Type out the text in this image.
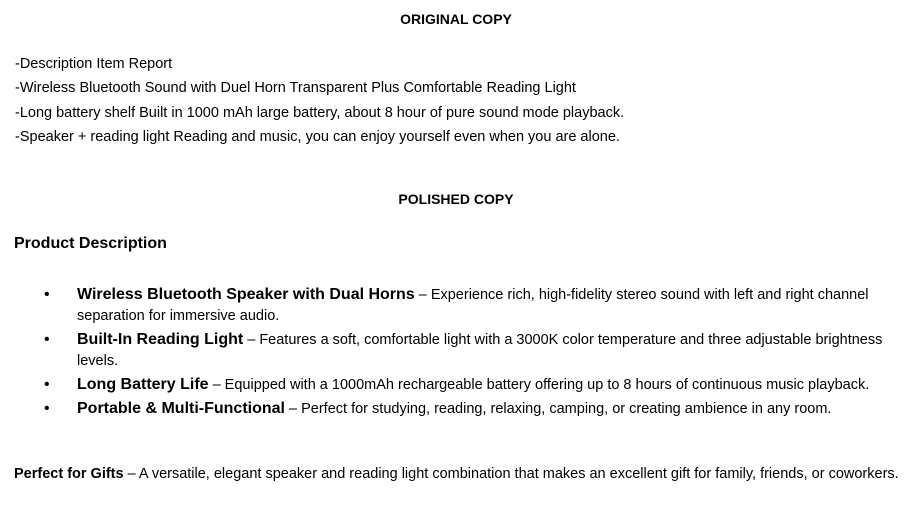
ORIGINAL COPY
-Description Item Report
-Wireless Bluetooth Sound with Duel Horn Transparent Plus Comfortable Reading Light
-Long battery shelf Built in 1000 mAh large battery, about 8 hour of pure sound mode playback.
-Speaker + reading light Reading and music, you can enjoy yourself even when you are alone.
POLISHED COPY
Product Description
• Wireless Bluetooth Speaker with Dual Horns – Experience rich, high-fidelity stereo sound with left and right channel separation for immersive audio.
• Built-In Reading Light – Features a soft, comfortable light with a 3000K color temperature and three adjustable brightness levels.
• Long Battery Life – Equipped with a 1000mAh rechargeable battery offering up to 8 hours of continuous music playback.
• Portable & Multi-Functional – Perfect for studying, reading, relaxing, camping, or creating ambience in any room.
Perfect for Gifts – A versatile, elegant speaker and reading light combination that makes an excellent gift for family, friends, or coworkers.
